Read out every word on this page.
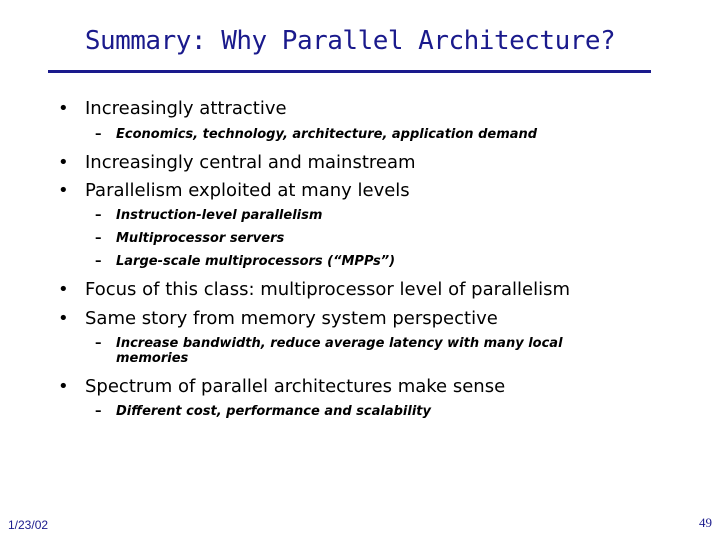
Summary: Why Parallel Architecture?
• Increasingly attractive
– Economics, technology, architecture, application demand
• Increasingly central and mainstream
• Parallelism exploited at many levels
– Instruction-level parallelism
– Multiprocessor servers
– Large-scale multiprocessors (“MPPs”)
• Focus of this class: multiprocessor level of parallelism
• Same story from memory system perspective
– Increase bandwidth, reduce average latency with many local
memories
• Spectrum of parallel architectures make sense
– Different cost, performance and scalability
1/23/02	49
